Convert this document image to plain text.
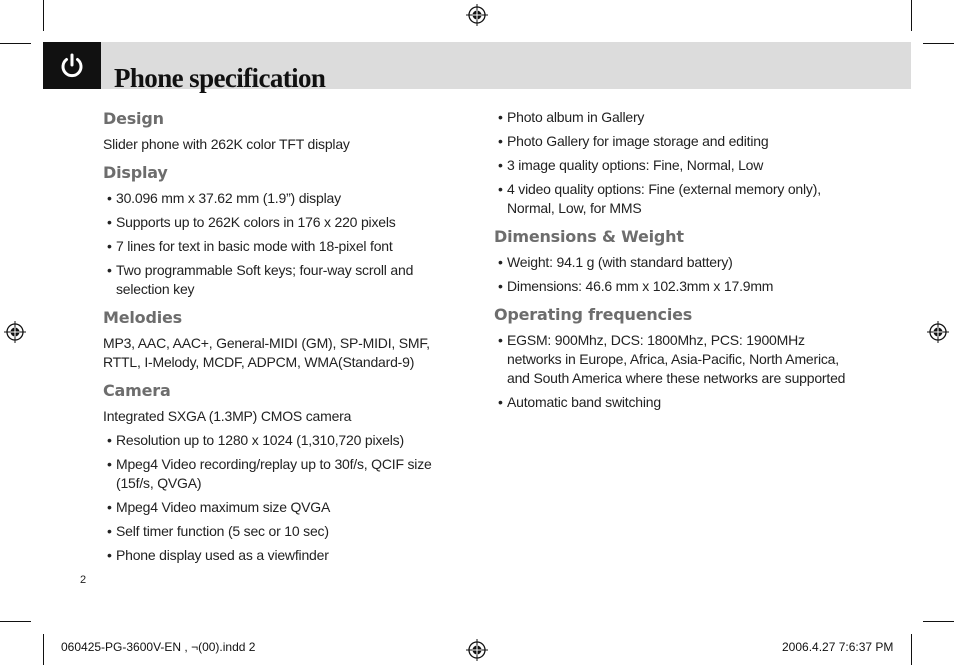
Phone specification
Design

Slider phone with 262K color TFT display

Display
• 30.096 mm x 37.62 mm (1.9”) display
• Supports up to 262K colors in 176 x 220 pixels
• 7 lines for text in basic mode with 18-pixel font
• Two programmable Soft keys; four-way scroll and selection key
Melodies

MP3, AAC, AAC+, General-MIDI (GM), SP-MIDI, SMF, RTTL, I-Melody, MCDF, ADPCM, WMA(Standard-9)

Camera

Integrated SXGA (1.3MP) CMOS camera

• Resolution up to 1280 x 1024 (1,310,720 pixels)
• Mpeg4 Video recording/replay up to 30f/s, QCIF size (15f/s, QVGA)
• Mpeg4 Video maximum size QVGA
• Self timer function (5 sec or 10 sec)
• Phone display used as a viewfinder
• Photo album in Gallery
• Photo Gallery for image storage and editing
• 3 image quality options: Fine, Normal, Low
• 4 video quality options: Fine (external memory only), Normal, Low, for MMS
Dimensions & Weight
• Weight: 94.1 g (with standard battery)
• Dimensions: 46.6 mm x 102.3mm x 17.9mm
Operating frequencies
• EGSM: 900Mhz, DCS: 1800Mhz, PCS: 1900MHz networks in Europe, Africa, Asia-Pacific, North America, and South America where these networks are supported
• Automatic band switching
2
060425-PG-3600V-EN , ¬(00).indd 2	2006.4.27 7:6:37 PM
